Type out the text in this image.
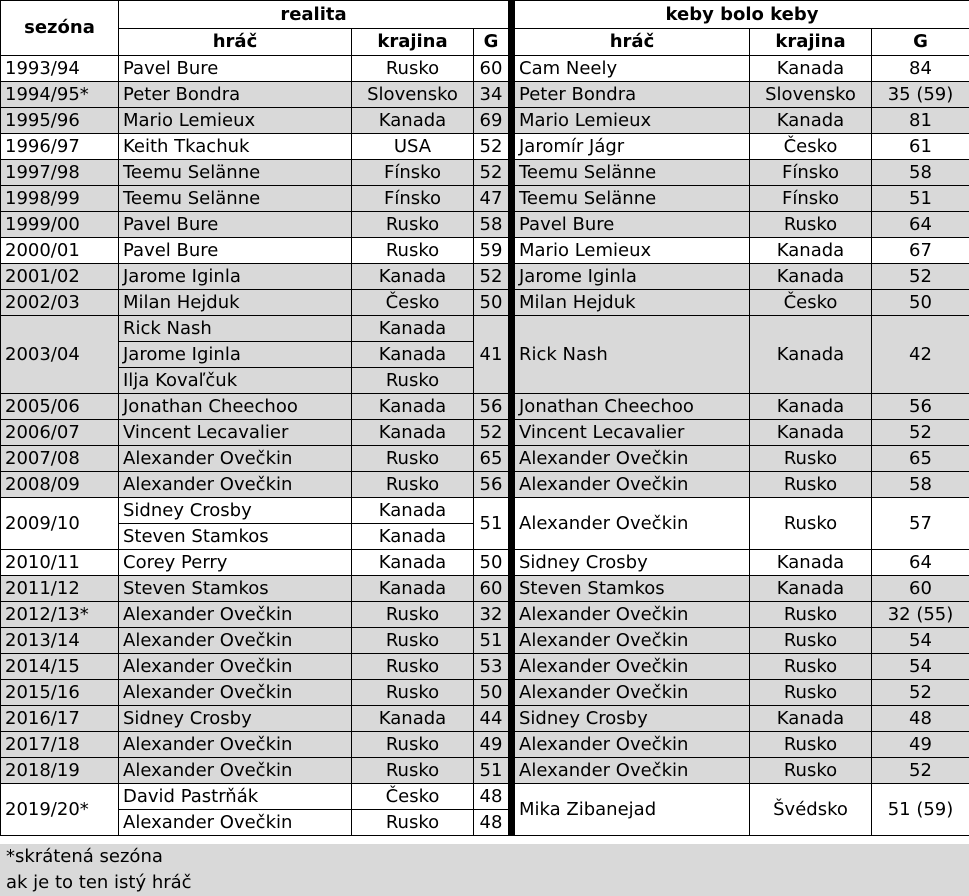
sezóna	realita			keby bolo keby		
	hráč	krajina	G	hráč	krajina	G
1993/94	Pavel Bure	Rusko	60	Cam Neely	Kanada	84
1994/95*	Peter Bondra	Slovensko	34	Peter Bondra	Slovensko	35 (59)
1995/96	Mario Lemieux	Kanada	69	Mario Lemieux	Kanada	81
1996/97	Keith Tkachuk	USA	52	Jaromír Jágr	Česko	61
1997/98	Teemu Selänne	Fínsko	52	Teemu Selänne	Fínsko	58
1998/99	Teemu Selänne	Fínsko	47	Teemu Selänne	Fínsko	51
1999/00	Pavel Bure	Rusko	58	Pavel Bure	Rusko	64
2000/01	Pavel Bure	Rusko	59	Mario Lemieux	Kanada	67
2001/02	Jarome Iginla	Kanada	52	Jarome Iginla	Kanada	52
2002/03	Milan Hejduk	Česko	50	Milan Hejduk	Česko	50
2003/04	Rick Nash	Kanada	41	Rick Nash	Kanada	42
	Jarome Iginla	Kanada				
	Ilja Kovaľčuk	Rusko				
2005/06	Jonathan Cheechoo	Kanada	56	Jonathan Cheechoo	Kanada	56
2006/07	Vincent Lecavalier	Kanada	52	Vincent Lecavalier	Kanada	52
2007/08	Alexander Ovečkin	Rusko	65	Alexander Ovečkin	Rusko	65
2008/09	Alexander Ovečkin	Rusko	56	Alexander Ovečkin	Rusko	58
2009/10	Sidney Crosby	Kanada	51	Alexander Ovečkin	Rusko	57
	Steven Stamkos	Kanada				
2010/11	Corey Perry	Kanada	50	Sidney Crosby	Kanada	64
2011/12	Steven Stamkos	Kanada	60	Steven Stamkos	Kanada	60
2012/13*	Alexander Ovečkin	Rusko	32	Alexander Ovečkin	Rusko	32 (55)
2013/14	Alexander Ovečkin	Rusko	51	Alexander Ovečkin	Rusko	54
2014/15	Alexander Ovečkin	Rusko	53	Alexander Ovečkin	Rusko	54
2015/16	Alexander Ovečkin	Rusko	50	Alexander Ovečkin	Rusko	52
2016/17	Sidney Crosby	Kanada	44	Sidney Crosby	Kanada	48
2017/18	Alexander Ovečkin	Rusko	49	Alexander Ovečkin	Rusko	49
2018/19	Alexander Ovečkin	Rusko	51	Alexander Ovečkin	Rusko	52
2019/20*	David Pastrňák	Česko	48	Mika Zibanejad	Švédsko	51 (59)
	Alexander Ovečkin	Rusko	48			
*skrátená sezóna
ak je to ten istý hráč
